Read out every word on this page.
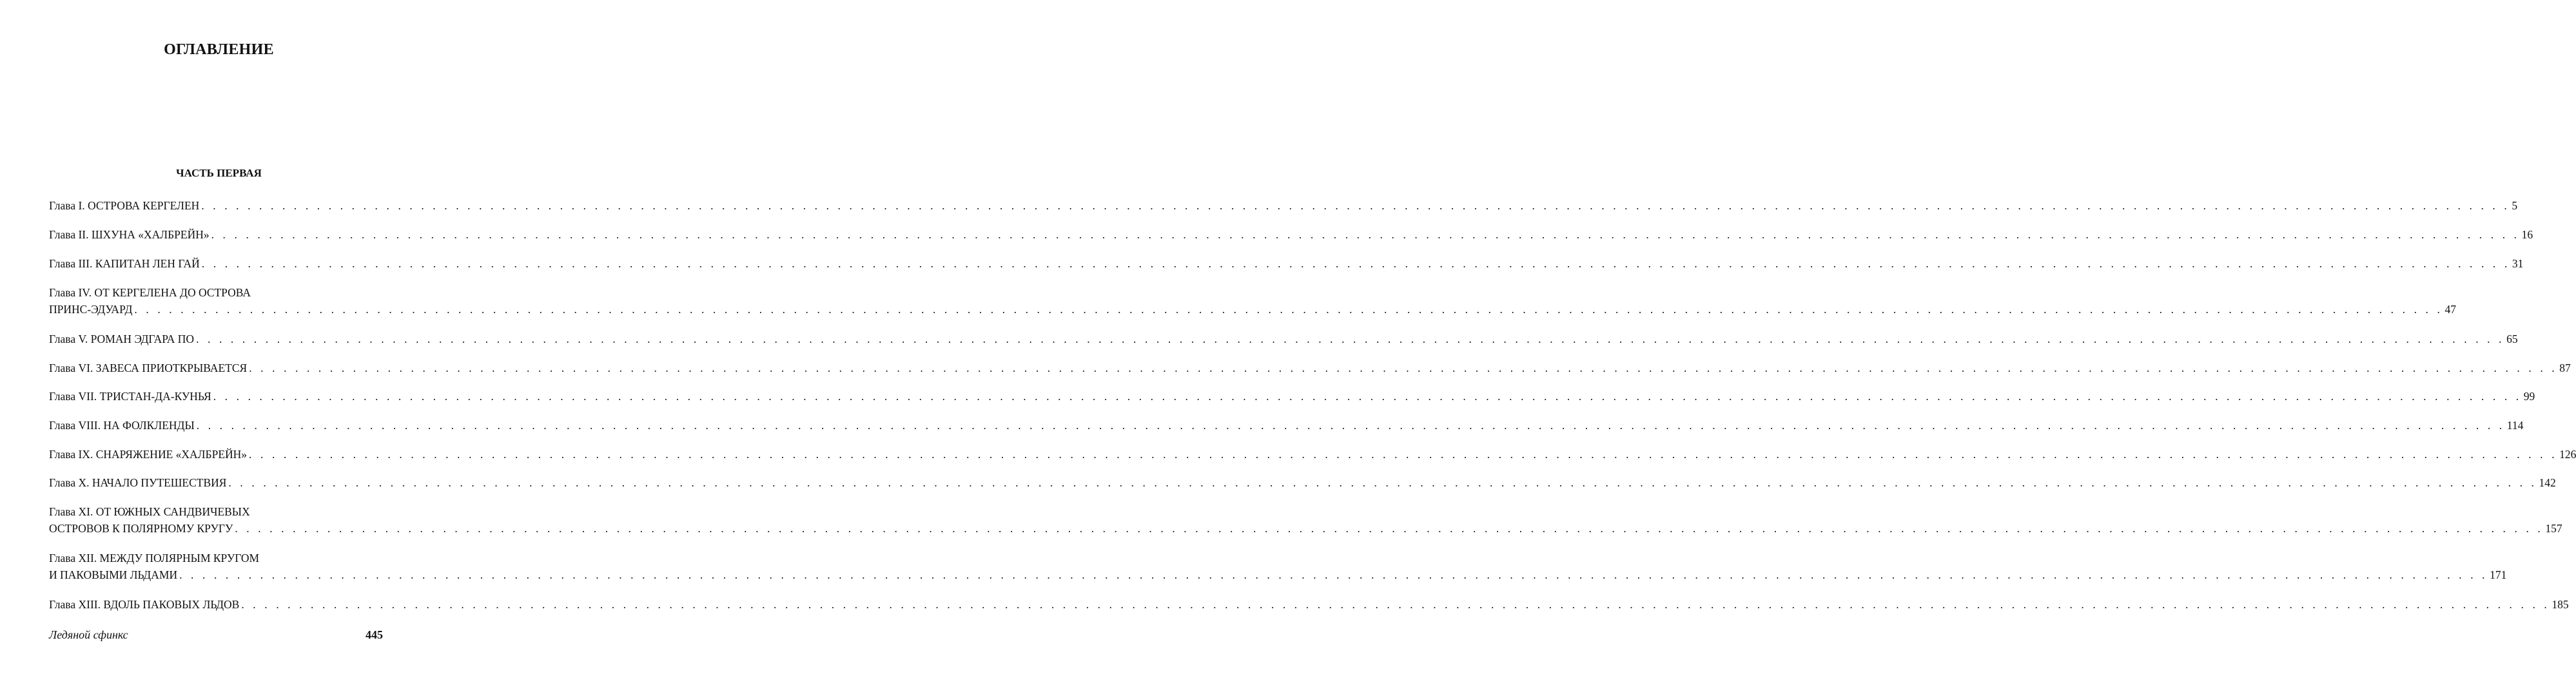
ОГЛАВЛЕНИЕ
ЧАСТЬ ПЕРВАЯ
Глава I. ОСТРОВА КЕРГЕЛЕН . . . . . . . . . . . . . . . . . . . . . . . . . . . . . . . . . . . . . . . . . . . . . . . . . . . . . . . . . . . . . . . . . . . . . . . . . . . . . . . . . . . . . . . . . . . . . . . . . . . . . . . . . . . . . . . . . . . . . . . . . . . . . . . . . . . . . . . . . . . . . . . . . . . . . . . . . . . . . . . . . . . . . . . . . . . . . . . . . . . . . . . . . . . . . . . . . . . . . . . . 5
Глава II. ШХУНА «ХАЛБРЕЙН» . . . . . . . . . . . . . . . . . . . . . . . . . . . . . . . . . . . . . . . . . . . . . . . . . . . . . . . . . . . . . . . . . . . . . . . . . . . . . . . . . . . . . . . . . . . . . . . . . . . . . . . . . . . . . . . . . . . . . . . . . . . . . . . . . . . . . . . . . . . . . . . . . . . . . . . . . . . . . . . . . . . . . . . . . . . . . . . . . . . . . . . . . . . . . . . . . . . . . . . . 16
Глава III. КАПИТАН ЛЕН ГАЙ . . . . . . . . . . . . . . . . . . . . . . . . . . . . . . . . . . . . . . . . . . . . . . . . . . . . . . . . . . . . . . . . . . . . . . . . . . . . . . . . . . . . . . . . . . . . . . . . . . . . . . . . . . . . . . . . . . . . . . . . . . . . . . . . . . . . . . . . . . . . . . . . . . . . . . . . . . . . . . . . . . . . . . . . . . . . . . . . . . . . . . . . . . . . . . . . . . . . . . . . 31
Глава IV. ОТ КЕРГЕЛЕНА ДО ОСТРОВА
ПРИНС-ЭДУАРД . . . . . . . . . . . . . . . . . . . . . . . . . . . . . . . . . . . . . . . . . . . . . . . . . . . . . . . . . . . . . . . . . . . . . . . . . . . . . . . . . . . . . . . . . . . . . . . . . . . . . . . . . . . . . . . . . . . . . . . . . . . . . . . . . . . . . . . . . . . . . . . . . . . . . . . . . . . . . . . . . . . . . . . . . . . . . . . . . . . . . . . . . . . . . . . . . . . . . . . . 47
Глава V. РОМАН ЭДГАРА ПО . . . . . . . . . . . . . . . . . . . . . . . . . . . . . . . . . . . . . . . . . . . . . . . . . . . . . . . . . . . . . . . . . . . . . . . . . . . . . . . . . . . . . . . . . . . . . . . . . . . . . . . . . . . . . . . . . . . . . . . . . . . . . . . . . . . . . . . . . . . . . . . . . . . . . . . . . . . . . . . . . . . . . . . . . . . . . . . . . . . . . . . . . . . . . . . . . . . . . . . . 65
Глава VI. ЗАВЕСА ПРИОТКРЫВАЕТСЯ . . . . . . . . . . . . . . . . . . . . . . . . . . . . . . . . . . . . . . . . . . . . . . . . . . . . . . . . . . . . . . . . . . . . . . . . . . . . . . . . . . . . . . . . . . . . . . . . . . . . . . . . . . . . . . . . . . . . . . . . . . . . . . . . . . . . . . . . . . . . . . . . . . . . . . . . . . . . . . . . . . . . . . . . . . . . . . . . . . . . . . . . . . . . . . . . . . . . . . . . 87
Глава VII. ТРИСТАН-ДА-КУНЬЯ . . . . . . . . . . . . . . . . . . . . . . . . . . . . . . . . . . . . . . . . . . . . . . . . . . . . . . . . . . . . . . . . . . . . . . . . . . . . . . . . . . . . . . . . . . . . . . . . . . . . . . . . . . . . . . . . . . . . . . . . . . . . . . . . . . . . . . . . . . . . . . . . . . . . . . . . . . . . . . . . . . . . . . . . . . . . . . . . . . . . . . . . . . . . . . . . . . . . . . . . 99
Глава VIII. НА ФОЛКЛЕНДЫ . . . . . . . . . . . . . . . . . . . . . . . . . . . . . . . . . . . . . . . . . . . . . . . . . . . . . . . . . . . . . . . . . . . . . . . . . . . . . . . . . . . . . . . . . . . . . . . . . . . . . . . . . . . . . . . . . . . . . . . . . . . . . . . . . . . . . . . . . . . . . . . . . . . . . . . . . . . . . . . . . . . . . . . . . . . . . . . . . . . . . . . . . . . . . . . . . . . . . . . . 114
Глава IX. СНАРЯЖЕНИЕ «ХАЛБРЕЙН» . . . . . . . . . . . . . . . . . . . . . . . . . . . . . . . . . . . . . . . . . . . . . . . . . . . . . . . . . . . . . . . . . . . . . . . . . . . . . . . . . . . . . . . . . . . . . . . . . . . . . . . . . . . . . . . . . . . . . . . . . . . . . . . . . . . . . . . . . . . . . . . . . . . . . . . . . . . . . . . . . . . . . . . . . . . . . . . . . . . . . . . . . . . . . . . . . . . . . . . . 126
Глава X. НАЧАЛО ПУТЕШЕСТВИЯ . . . . . . . . . . . . . . . . . . . . . . . . . . . . . . . . . . . . . . . . . . . . . . . . . . . . . . . . . . . . . . . . . . . . . . . . . . . . . . . . . . . . . . . . . . . . . . . . . . . . . . . . . . . . . . . . . . . . . . . . . . . . . . . . . . . . . . . . . . . . . . . . . . . . . . . . . . . . . . . . . . . . . . . . . . . . . . . . . . . . . . . . . . . . . . . . . . . . . . . . 142
Глава XI. ОТ ЮЖНЫХ САНДВИЧЕВЫХ
ОСТРОВОВ К ПОЛЯРНОМУ КРУГУ . . . . . . . . . . . . . . . . . . . . . . . . . . . . . . . . . . . . . . . . . . . . . . . . . . . . . . . . . . . . . . . . . . . . . . . . . . . . . . . . . . . . . . . . . . . . . . . . . . . . . . . . . . . . . . . . . . . . . . . . . . . . . . . . . . . . . . . . . . . . . . . . . . . . . . . . . . . . . . . . . . . . . . . . . . . . . . . . . . . . . . . . . . . . . . . . . . . . . . . . 157
Глава XII. МЕЖДУ ПОЛЯРНЫМ КРУГОМ
И ПАКОВЫМИ ЛЬДАМИ . . . . . . . . . . . . . . . . . . . . . . . . . . . . . . . . . . . . . . . . . . . . . . . . . . . . . . . . . . . . . . . . . . . . . . . . . . . . . . . . . . . . . . . . . . . . . . . . . . . . . . . . . . . . . . . . . . . . . . . . . . . . . . . . . . . . . . . . . . . . . . . . . . . . . . . . . . . . . . . . . . . . . . . . . . . . . . . . . . . . . . . . . . . . . . . . . . . . . . . . 171
Глава XIII. ВДОЛЬ ПАКОВЫХ ЛЬДОВ . . . . . . . . . . . . . . . . . . . . . . . . . . . . . . . . . . . . . . . . . . . . . . . . . . . . . . . . . . . . . . . . . . . . . . . . . . . . . . . . . . . . . . . . . . . . . . . . . . . . . . . . . . . . . . . . . . . . . . . . . . . . . . . . . . . . . . . . . . . . . . . . . . . . . . . . . . . . . . . . . . . . . . . . . . . . . . . . . . . . . . . . . . . . . . . . . . . . . . . . 185
Ледяной сфинкс	445
